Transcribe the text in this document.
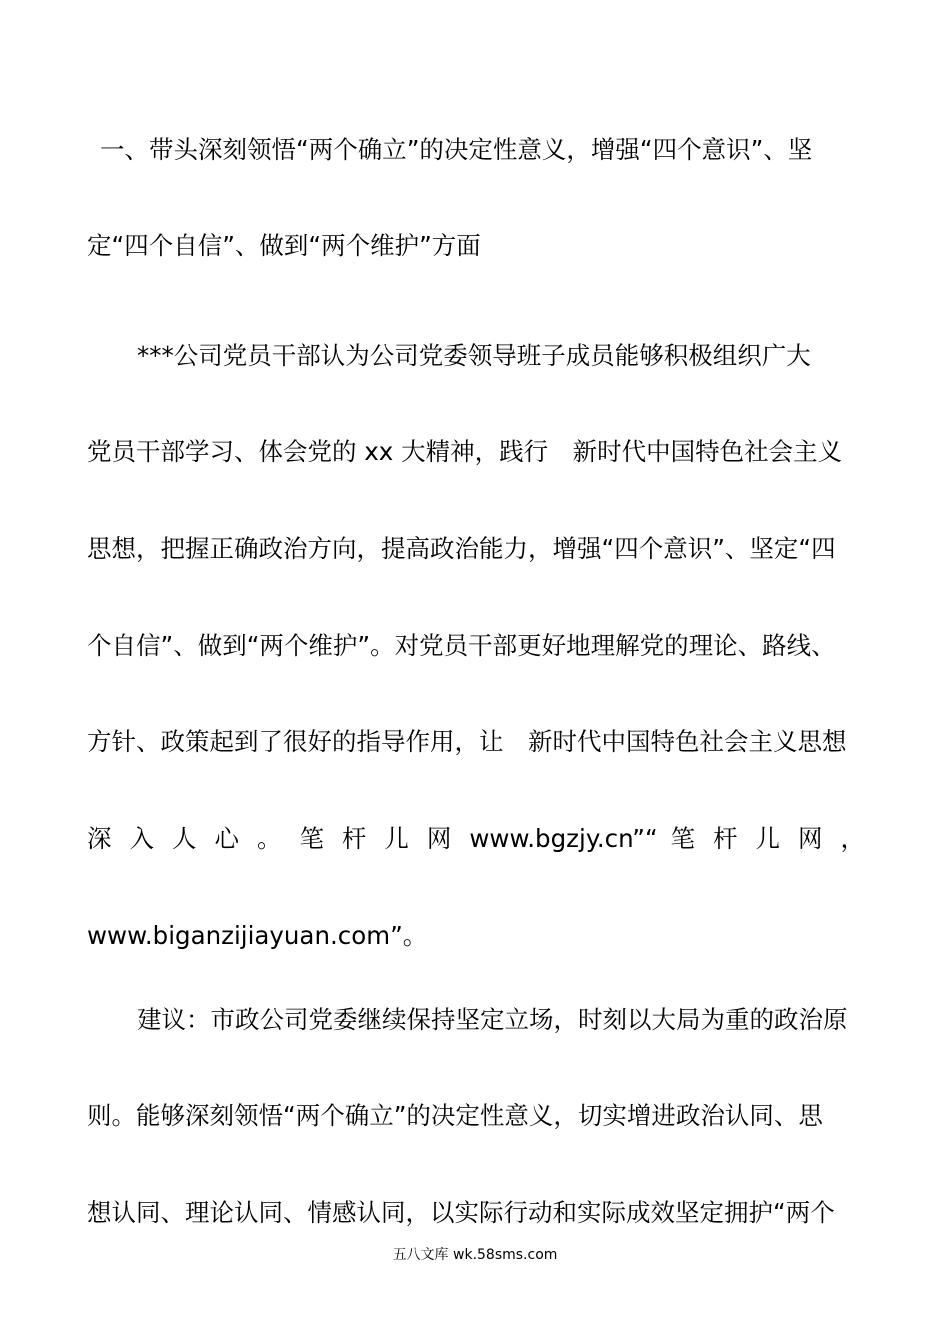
一、带头深刻领悟“两个确立”的决定性意义，增强“四个意识”、坚
定“四个自信”、做到“两个维护”方面
***公司党员干部认为公司党委领导班子成员能够积极组织广大
党员干部学习、体会党的 xx 大精神，践行　新时代中国特色社会主义
思想，把握正确政治方向，提高政治能力，增强“四个意识”、坚定“四
个自信”、做到“两个维护”。对党员干部更好地理解党的理论、路线、
方针、政策起到了很好的指导作用，让　新时代中国特色社会主义思想
深 入 人 心 。 笔 杆 儿 网 www.bgzjy.cn”“ 笔 杆 儿 网 ，
www.biganzijiayuan.com”。
建议：市政公司党委继续保持坚定立场，时刻以大局为重的政治原
则。能够深刻领悟“两个确立”的决定性意义，切实增进政治认同、思
想认同、理论认同、情感认同，以实际行动和实际成效坚定拥护“两个
五八文库 wk.58sms.com
